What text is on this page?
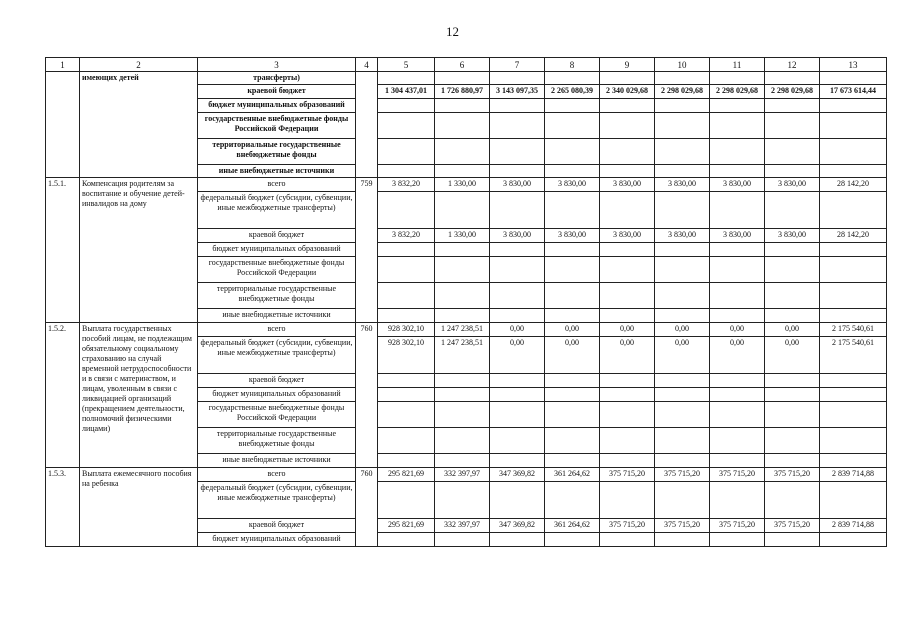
12
1	2	3	4	5	6	7	8	9	10	11	12	13
	имеющих детей	трансферты)										
		краевой бюджет		1 304 437,01	1 726 880,97	3 143 097,35	2 265 080,39	2 340 029,68	2 298 029,68	2 298 029,68	2 298 029,68	17 673 614,44
		бюджет муниципальных образований										
		государственные внебюджетные фонды Российской Федерации										
		территориальные государственные внебюджетные фонды										
		иные внебюджетные источники										
1.5.1.	Компенсация родителям за воспитание и обучение детей-инвалидов на дому	всего	759	3 832,20	1 330,00	3 830,00	3 830,00	3 830,00	3 830,00	3 830,00	3 830,00	28 142,20
		федеральный бюджет (субсидии, субвенции, иные межбюджетные трансферты)										
		краевой бюджет		3 832,20	1 330,00	3 830,00	3 830,00	3 830,00	3 830,00	3 830,00	3 830,00	28 142,20
		бюджет муниципальных образований										
		государственные внебюджетные фонды Российской Федерации										
		территориальные государственные внебюджетные фонды										
		иные внебюджетные источники										
1.5.2.	Выплата государственных пособий лицам, не подлежащим обязательному социальному страхованию на случай временной нетрудоспособности и в связи с материнством, и лицам, уволенным в связи с ликвидацией организаций (прекращением деятельности, полномочий физическими лицами)	всего	760	928 302,10	1 247 238,51	0,00	0,00	0,00	0,00	0,00	0,00	2 175 540,61
		федеральный бюджет (субсидии, субвенции, иные межбюджетные трансферты)		928 302,10	1 247 238,51	0,00	0,00	0,00	0,00	0,00	0,00	2 175 540,61
		краевой бюджет										
		бюджет муниципальных образований										
		государственные внебюджетные фонды Российской Федерации										
		территориальные государственные внебюджетные фонды										
		иные внебюджетные источники										
1.5.3.	Выплата ежемесячного пособия на ребенка	всего	760	295 821,69	332 397,97	347 369,82	361 264,62	375 715,20	375 715,20	375 715,20	375 715,20	2 839 714,88
		федеральный бюджет (субсидии, субвенции, иные межбюджетные трансферты)										
		краевой бюджет		295 821,69	332 397,97	347 369,82	361 264,62	375 715,20	375 715,20	375 715,20	375 715,20	2 839 714,88
		бюджет муниципальных образований										
